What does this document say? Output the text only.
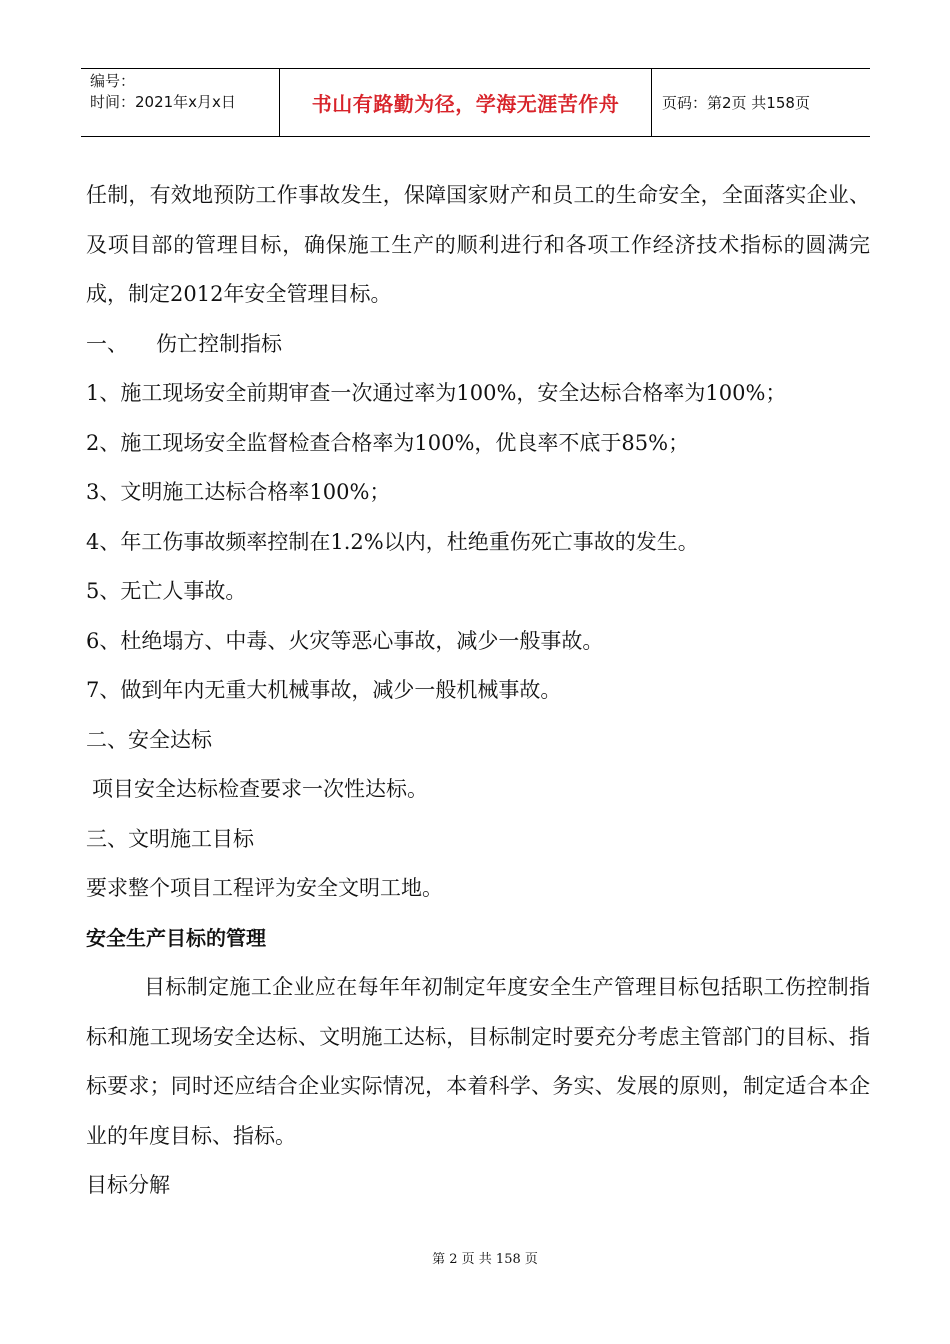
编号：
时间：2021年x月x日	书山有路勤为径，学海无涯苦作舟	页码：第2页 共158页

任制，有效地预防工作事故发生，保障国家财产和员工的生命安全，全面落实企业、及项目部的管理目标，确保施工生产的顺利进行和各项工作经济技术指标的圆满完成，制定2012年安全管理目标。

一、 伤亡控制指标

1、施工现场安全前期审查一次通过率为100%，安全达标合格率为100%；

2、施工现场安全监督检查合格率为100%，优良率不底于85%；

3、文明施工达标合格率100%；

4、年工伤事故频率控制在1.2%以内，杜绝重伤死亡事故的发生。

5、无亡人事故。

6、杜绝塌方、中毒、火灾等恶心事故，减少一般事故。

7、做到年内无重大机械事故，减少一般机械事故。

二、安全达标

项目安全达标检查要求一次性达标。

三、文明施工目标

要求整个项目工程评为安全文明工地。

安全生产目标的管理

目标制定施工企业应在每年年初制定年度安全生产管理目标包括职工伤控制指标和施工现场安全达标、文明施工达标，目标制定时要充分考虑主管部门的目标、指标要求；同时还应结合企业实际情况，本着科学、务实、发展的原则，制定适合本企业的年度目标、指标。

目标分解

第 2 页 共 158 页
